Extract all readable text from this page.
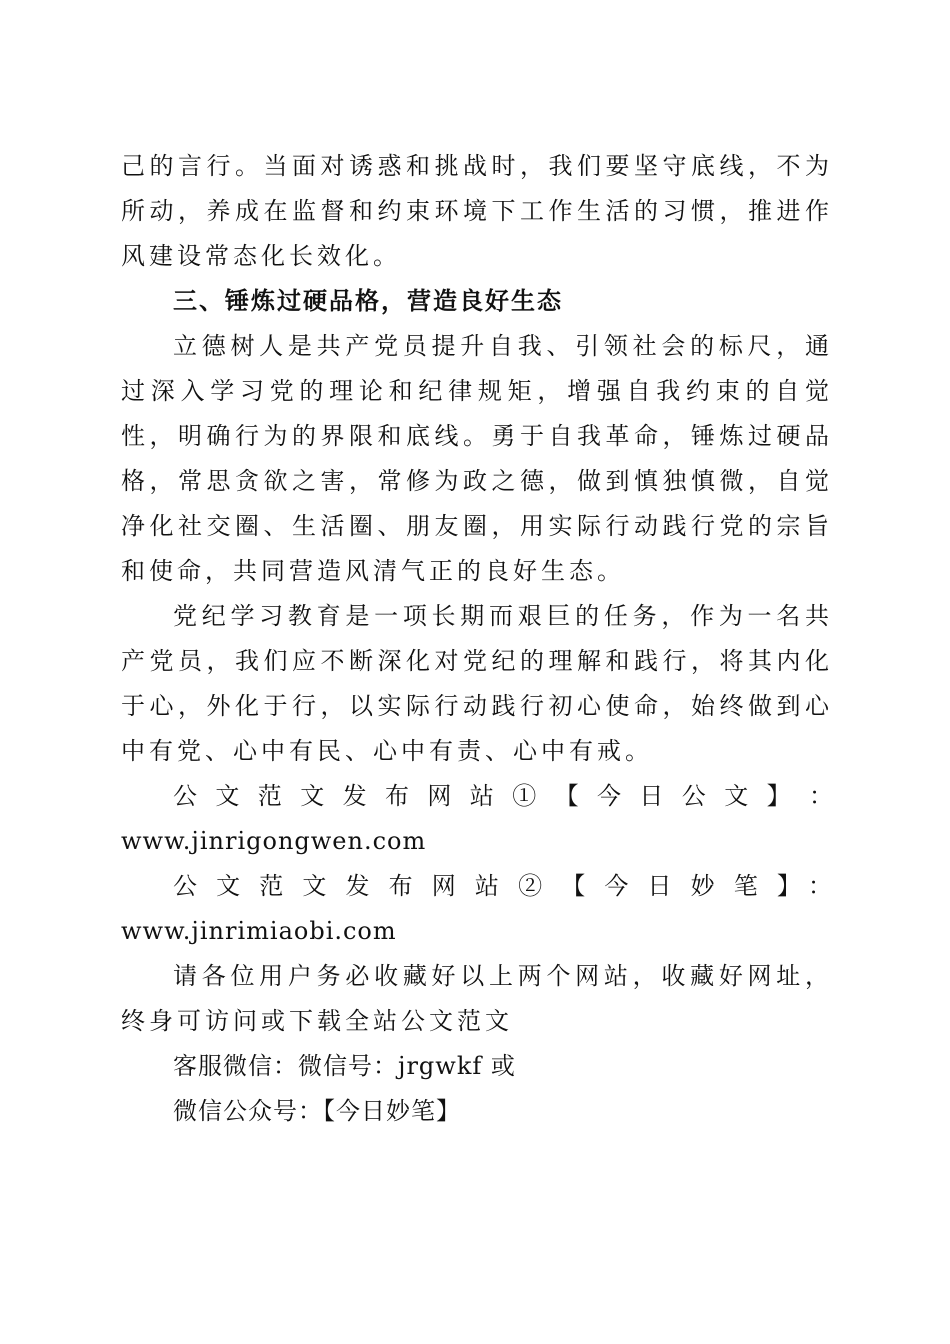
己的言行。当面对诱惑和挑战时，我们要坚守底线，不为所动，养成在监督和约束环境下工作生活的习惯，推进作风建设常态化长效化。

三、锤炼过硬品格，营造良好生态

立德树人是共产党员提升自我、引领社会的标尺，通过深入学习党的理论和纪律规矩，增强自我约束的自觉性，明确行为的界限和底线。勇于自我革命，锤炼过硬品格，常思贪欲之害，常修为政之德，做到慎独慎微，自觉净化社交圈、生活圈、朋友圈，用实际行动践行党的宗旨和使命，共同营造风清气正的良好生态。

党纪学习教育是一项长期而艰巨的任务，作为一名共产党员，我们应不断深化对党纪的理解和践行，将其内化于心，外化于行，以实际行动践行初心使命，始终做到心中有党、心中有民、心中有责、心中有戒。

公 文 范 文 发 布 网 站 ① 【 今 日 公 文 】 ：

www.jinrigongwen.com

公文范文发布网站②【今日妙笔】：www.jinrimiaobi.com

请各位用户务必收藏好以上两个网站，收藏好网址，终身可访问或下载全站公文范文

客服微信：微信号：jrgwkf 或

微信公众号：【今日妙笔】
